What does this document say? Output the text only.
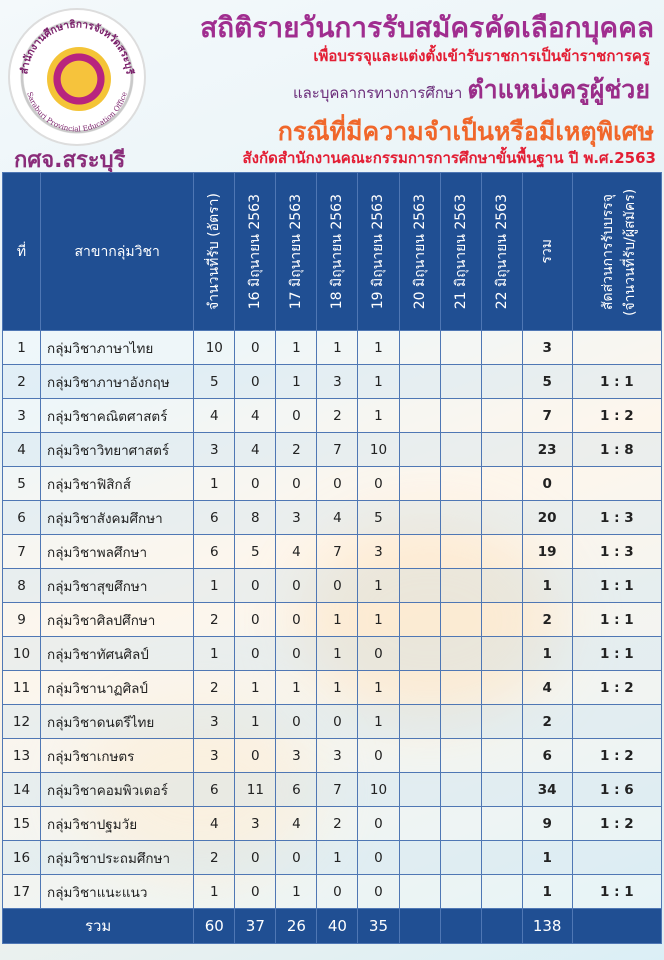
สำนักงานศึกษาธิการจังหวัดสระบุรี
Saraburi Provincial Education Office
กศจ.สระบุรี
สถิติรายวันการรับสมัครคัดเลือกบุคคล
เพื่อบรรจุและแต่งตั้งเข้ารับราชการเป็นข้าราชการครู
และบุคลากรทางการศึกษา ตำแหน่งครูผู้ช่วย
กรณีที่มีความจำเป็นหรือมีเหตุพิเศษ
สังกัดสำนักงานคณะกรรมการการศึกษาขั้นพื้นฐาน ปี พ.ศ.2563
ที่	สาขากลุ่มวิชา	จำนวนที่รับ (อัตรา)	16 มิถุนายน 2563	17 มิถุนายน 2563	18 มิถุนายน 2563	19 มิถุนายน 2563	20 มิถุนายน 2563	21 มิถุนายน 2563	22 มิถุนายน 2563	รวม	สัดส่วนการรับบรรจุ (จำนวนที่รับ/ผู้สมัคร)

1	กลุ่มวิชาภาษาไทย	10	0	1	1	1				3	
2	กลุ่มวิชาภาษาอังกฤษ	5	0	1	3	1				5	1 : 1
3	กลุ่มวิชาคณิตศาสตร์	4	4	0	2	1				7	1 : 2
4	กลุ่มวิชาวิทยาศาสตร์	3	4	2	7	10				23	1 : 8
5	กลุ่มวิชาฟิสิกส์	1	0	0	0	0				0	
6	กลุ่มวิชาสังคมศึกษา	6	8	3	4	5				20	1 : 3
7	กลุ่มวิชาพลศึกษา	6	5	4	7	3				19	1 : 3
8	กลุ่มวิชาสุขศึกษา	1	0	0	0	1				1	1 : 1
9	กลุ่มวิชาศิลปศึกษา	2	0	0	1	1				2	1 : 1
10	กลุ่มวิชาทัศนศิลป์	1	0	0	1	0				1	1 : 1
11	กลุ่มวิชานาฏศิลป์	2	1	1	1	1				4	1 : 2
12	กลุ่มวิชาดนตรีไทย	3	1	0	0	1				2	
13	กลุ่มวิชาเกษตร	3	0	3	3	0				6	1 : 2
14	กลุ่มวิชาคอมพิวเตอร์	6	11	6	7	10				34	1 : 6
15	กลุ่มวิชาปฐมวัย	4	3	4	2	0				9	1 : 2
16	กลุ่มวิชาประถมศึกษา	2	0	0	1	0				1	
17	กลุ่มวิชาแนะแนว	1	0	1	0	0				1	1 : 1
รวม		60	37	26	40	35				138	
